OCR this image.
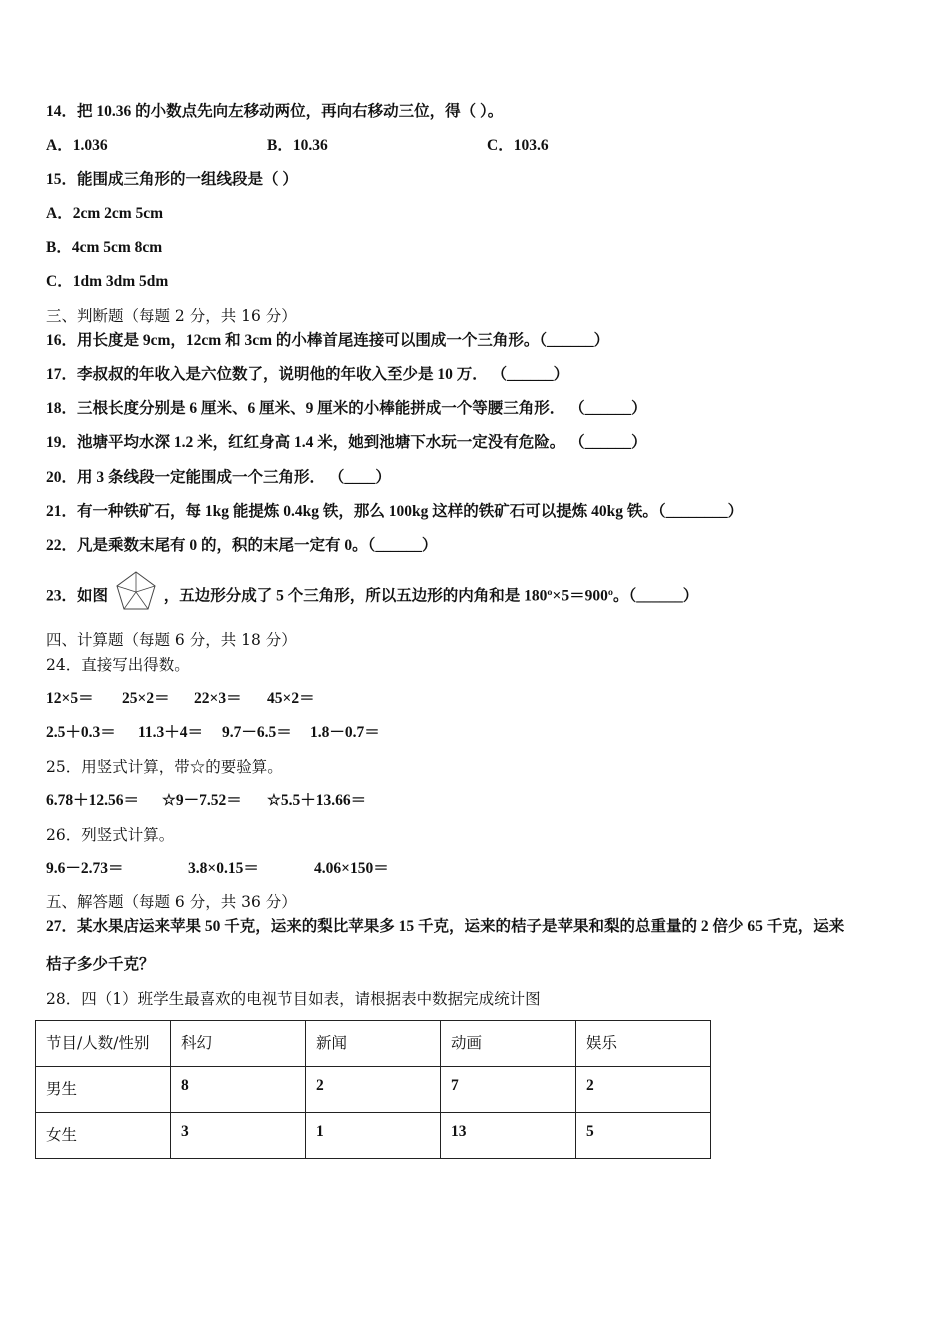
14．把 10.36 的小数点先向左移动两位，再向右移动三位，得（ ）。
A．1.036	B．10.36	C．103.6
15．能围成三角形的一组线段是（ ）
A．2cm 2cm 5cm
B．4cm 5cm 8cm
C．1dm 3dm 5dm
三、判断题（每题 2 分，共 16 分）
16．用长度是 9cm，12cm 和 3cm 的小棒首尾连接可以围成一个三角形。（______）
17．李叔叔的年收入是六位数了，说明他的年收入至少是 10 万． （______）
18．三根长度分别是 6 厘米、6 厘米、9 厘米的小棒能拼成一个等腰三角形． （______）
19．池塘平均水深 1.2 米，红红身高 1.4 米，她到池塘下水玩一定没有危险。 （______）
20．用 3 条线段一定能围成一个三角形． （____）
21．有一种铁矿石，每 1kg 能提炼 0.4kg 铁，那么 100kg 这样的铁矿石可以提炼 40kg 铁。（________）
22．凡是乘数末尾有 0 的，积的末尾一定有 0。（______）
23．如图	，五边形分成了 5 个三角形，所以五边形的内角和是 180º×5＝900º。（______）
四、计算题（每题 6 分，共 18 分）
24．直接写出得数。
12×5＝ 25×2＝ 22×3＝ 45×2＝
2.5＋0.3＝ 11.3＋4＝ 9.7－6.5＝ 1.8－0.7＝
25．用竖式计算，带☆的要验算。
6.78＋12.56＝ ☆9－7.52＝ ☆5.5＋13.66＝
26．列竖式计算。
9.6－2.73＝	3.8×0.15＝	4.06×150＝
五、解答题（每题 6 分，共 36 分）
27．某水果店运来苹果 50 千克，运来的梨比苹果多 15 千克，运来的桔子是苹果和梨的总重量的 2 倍少 65 千克，运来
桔子多少千克？
28．四（1）班学生最喜欢的电视节目如表，请根据表中数据完成统计图
节目/人数/性别	科幻	新闻	动画	娱乐
男生	8	2	7	2
女生	3	1	13	5
